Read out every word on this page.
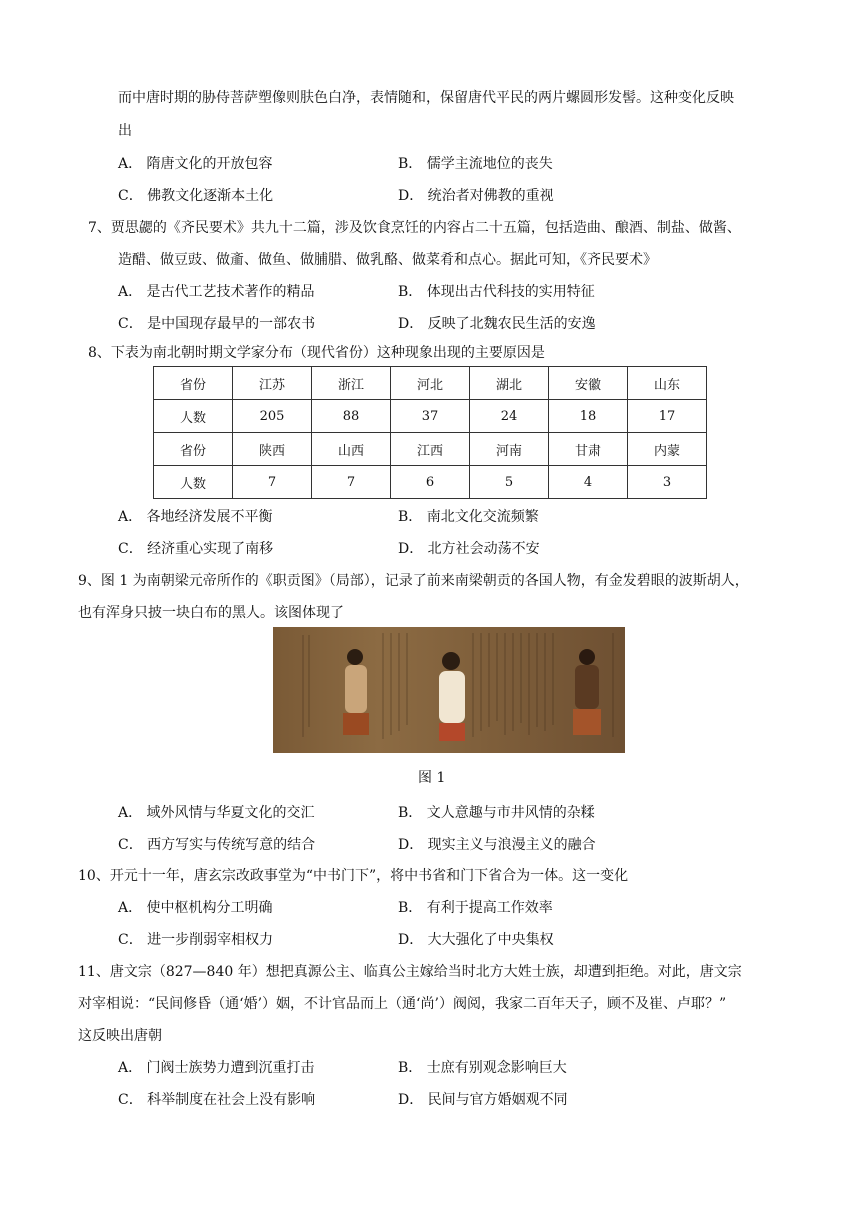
而中唐时期的胁侍菩萨塑像则肤色白净，表情随和，保留唐代平民的两片螺圆形发髻。这种变化反映
出
A． 隋唐文化的开放包容	B． 儒学主流地位的丧失
C． 佛教文化逐渐本土化	D． 统治者对佛教的重视
7、贾思勰的《齐民要术》共九十二篇，涉及饮食烹饪的内容占二十五篇，包括造曲、酿酒、制盐、做酱、
造醋、做豆豉、做齑、做鱼、做脯腊、做乳酪、做菜肴和点心。据此可知，《齐民要术》
A． 是古代工艺技术著作的精品	B． 体现出古代科技的实用特征
C． 是中国现存最早的一部农书	D． 反映了北魏农民生活的安逸
8、下表为南北朝时期文学家分布（现代省份）这种现象出现的主要原因是
省份	江苏	浙江	河北	湖北	安徽	山东
人数	205	88	37	24	18	17
省份	陕西	山西	江西	河南	甘肃	内蒙
人数	7	7	6	5	4	3
A． 各地经济发展不平衡	B． 南北文化交流频繁
C． 经济重心实现了南移	D． 北方社会动荡不安
9、图 1 为南朝梁元帝所作的《职贡图》（局部），记录了前来南梁朝贡的各国人物，有金发碧眼的波斯胡人，
也有浑身只披一块白布的黑人。该图体现了
图 1
A． 域外风情与华夏文化的交汇	B． 文人意趣与市井风情的杂糅
C． 西方写实与传统写意的结合	D． 现实主义与浪漫主义的融合
10、开元十一年，唐玄宗改政事堂为“中书门下”，将中书省和门下省合为一体。这一变化
A． 使中枢机构分工明确	B． 有利于提高工作效率
C． 进一步削弱宰相权力	D． 大大强化了中央集权
11、唐文宗（827—840 年）想把真源公主、临真公主嫁给当时北方大姓士族，却遭到拒绝。对此，唐文宗
对宰相说：“民间修昏（通‘婚’）姻，不计官品而上（通‘尚’）阀阅，我家二百年天子，顾不及崔、卢耶？”
这反映出唐朝
A． 门阀士族势力遭到沉重打击	B． 士庶有别观念影响巨大
C． 科举制度在社会上没有影响	D． 民间与官方婚姻观不同
